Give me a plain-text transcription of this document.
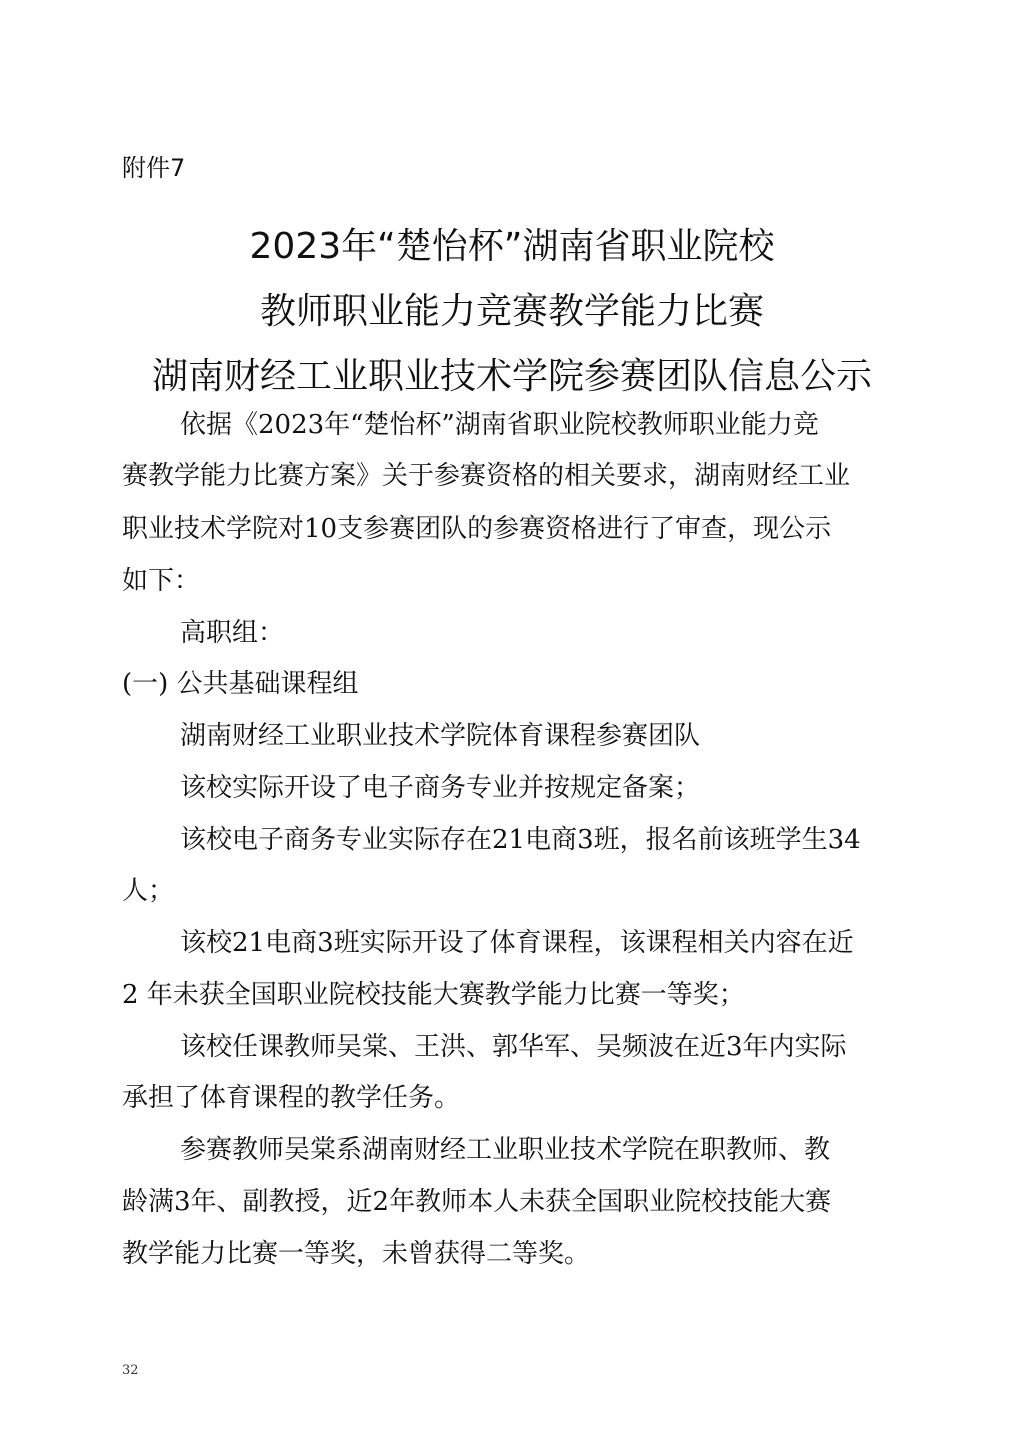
附件7
2023年“楚怡杯”湖南省职业院校
教师职业能力竞赛教学能力比赛
湖南财经工业职业技术学院参赛团队信息公示
依据《2023年“楚怡杯”湖南省职业院校教师职业能力竞
赛教学能力比赛方案》关于参赛资格的相关要求，湖南财经工业
职业技术学院对10支参赛团队的参赛资格进行了审查，现公示
如下：
高职组：
(一) 公共基础课程组
湖南财经工业职业技术学院体育课程参赛团队
该校实际开设了电子商务专业并按规定备案；
该校电子商务专业实际存在21电商3班，报名前该班学生34
人；
该校21电商3班实际开设了体育课程，该课程相关内容在近
2 年未获全国职业院校技能大赛教学能力比赛一等奖；
该校任课教师吴棠、王洪、郭华军、吴频波在近3年内实际
承担了体育课程的教学任务。
参赛教师吴棠系湖南财经工业职业技术学院在职教师、教
龄满3年、副教授，近2年教师本人未获全国职业院校技能大赛
教学能力比赛一等奖，未曾获得二等奖。
32
